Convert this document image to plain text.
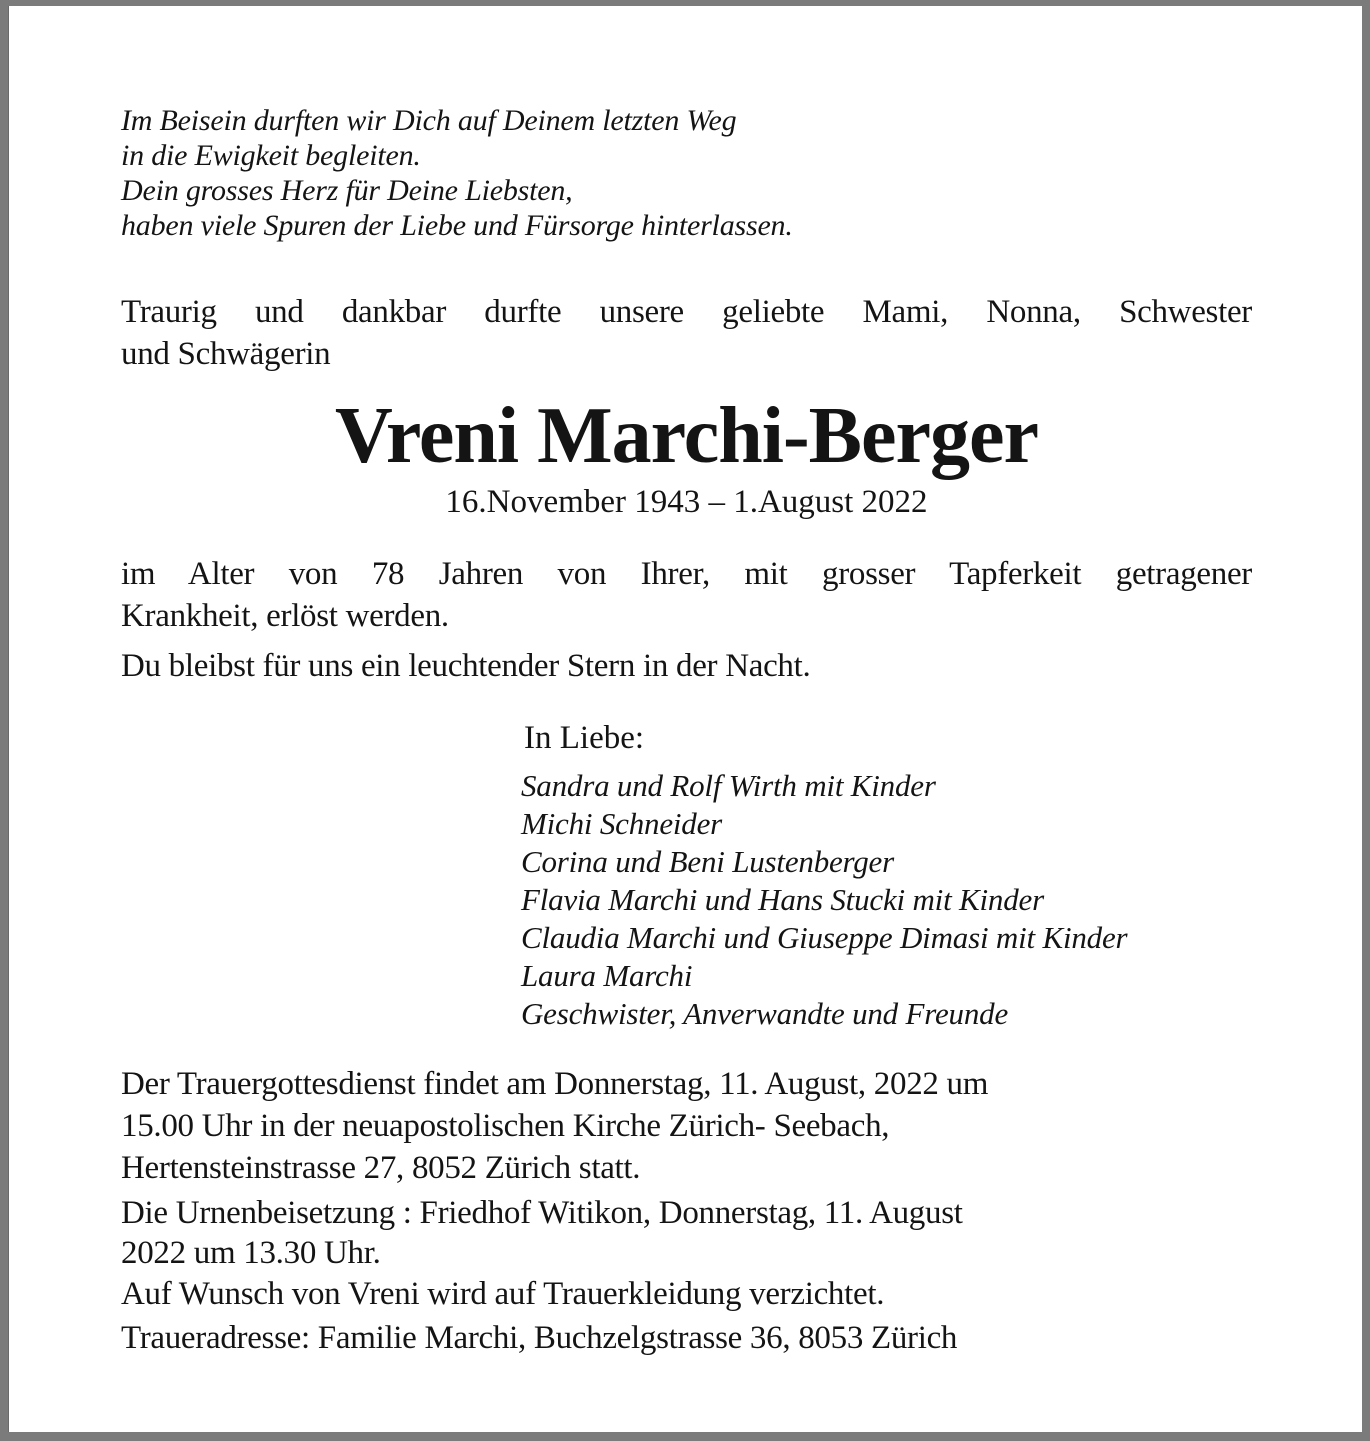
Im Beisein durften wir Dich auf Deinem letzten Weg
in die Ewigkeit begleiten.
Dein grosses Herz für Deine Liebsten,
haben viele Spuren der Liebe und Fürsorge hinterlassen.
Traurig und dankbar durfte unsere geliebte Mami, Nonna, Schwester
und Schwägerin
Vreni Marchi-Berger
16.November 1943 – 1.August 2022
im Alter von 78 Jahren von Ihrer, mit grosser Tapferkeit getragener
Krankheit, erlöst werden.
Du bleibst für uns ein leuchtender Stern in der Nacht.
In Liebe:
Sandra und Rolf Wirth mit Kinder
Michi Schneider
Corina und Beni Lustenberger
Flavia Marchi und Hans Stucki mit Kinder
Claudia Marchi und Giuseppe Dimasi mit Kinder
Laura Marchi
Geschwister, Anverwandte und Freunde
Der Trauergottesdienst findet am Donnerstag, 11. August, 2022 um
15.00 Uhr in der neuapostolischen Kirche Zürich- Seebach,
Hertensteinstrasse 27, 8052 Zürich statt.
Die Urnenbeisetzung : Friedhof Witikon, Donnerstag, 11. August
2022 um 13.30 Uhr.
Auf Wunsch von Vreni wird auf Trauerkleidung verzichtet.
Traueradresse: Familie Marchi, Buchzelgstrasse 36, 8053 Zürich
